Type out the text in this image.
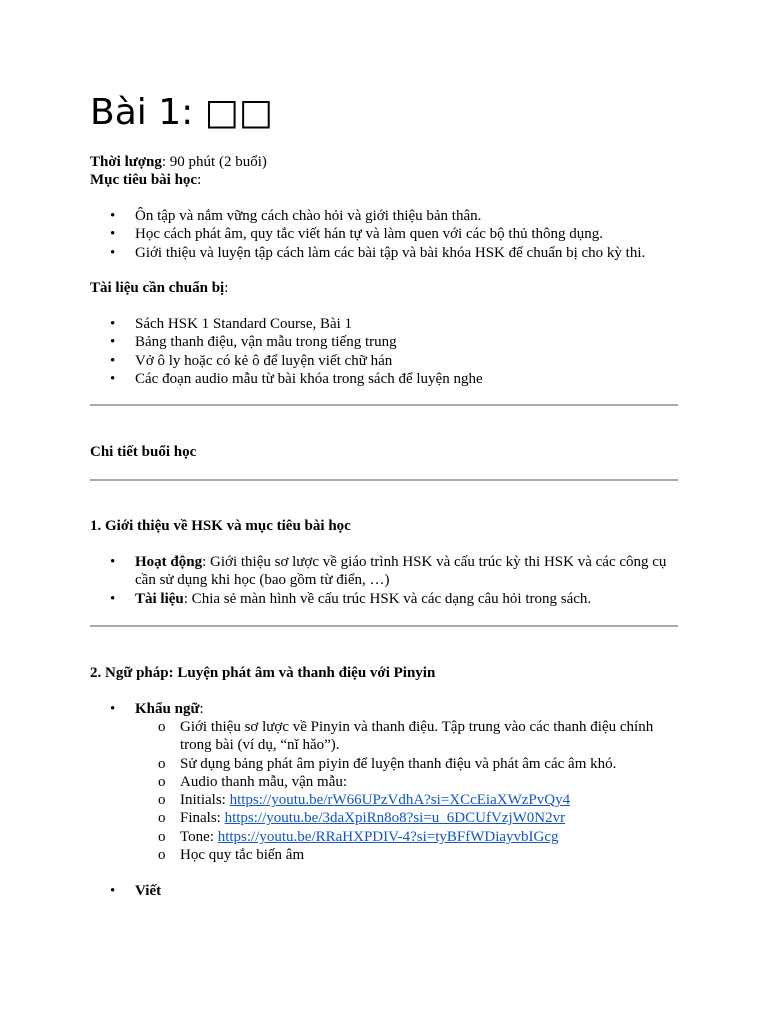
Bài 1: □□
Thời lượng: 90 phút (2 buổi)
Mục tiêu bài học:
• Ôn tập và nắm vững cách chào hỏi và giới thiệu bản thân.
• Học cách phát âm, quy tắc viết hán tự và làm quen với các bộ thủ thông dụng.
• Giới thiệu và luyện tập cách làm các bài tập và bài khóa HSK để chuẩn bị cho kỳ thi.
Tài liệu cần chuẩn bị:
• Sách HSK 1 Standard Course, Bài 1
• Bảng thanh điệu, vận mẫu trong tiếng trung
• Vở ô ly hoặc có kẻ ô để luyện viết chữ hán
• Các đoạn audio mẫu từ bài khóa trong sách để luyện nghe
Chi tiết buổi học
1. Giới thiệu về HSK và mục tiêu bài học
• Hoạt động: Giới thiệu sơ lược về giáo trình HSK và cấu trúc kỳ thi HSK và các công cụ cần sử dụng khi học (bao gồm từ điển, …)
• Tài liệu: Chia sẻ màn hình về cấu trúc HSK và các dạng câu hỏi trong sách.
2. Ngữ pháp: Luyện phát âm và thanh điệu với Pinyin
• Khẩu ngữ:
o Giới thiệu sơ lược về Pinyin và thanh điệu. Tập trung vào các thanh điệu chính trong bài (ví dụ, “nǐ hǎo”).
o Sử dụng bảng phát âm piyin để luyện thanh điệu và phát âm các âm khó.
o Audio thanh mẫu, vận mẫu:
o Initials: https://youtu.be/rW66UPzVdhA?si=XCcEiaXWzPvQy4
o Finals: https://youtu.be/3daXpiRn8o8?si=u_6DCUfVzjW0N2vr
o Tone: https://youtu.be/RRaHXPDIV-4?si=tyBFfWDiayvbIGcg
o Học quy tắc biến âm
• Viết
